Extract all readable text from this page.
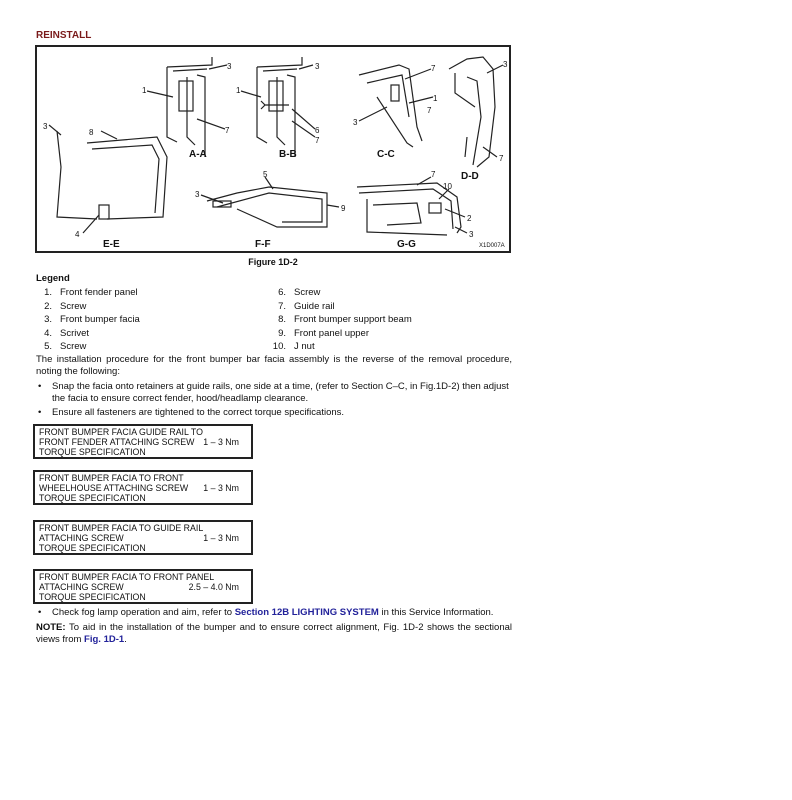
REINSTALL
1
3
7
1
3
6
7
3
7
1
7
3
7
3
8
4
5
3
9
7
10
2
3
A-A	B-B	C-C
D-D
E-E	F-F	G-G	X1D007A
Figure 1D-2
Legend
1. Front fender panel
2. Screw
3. Front bumper facia
4. Scrivet
5. Screw
6. Screw
7. Guide rail
8. Front bumper support beam
9. Front panel upper
10. J nut

The installation procedure for the front bumper bar facia assembly is the reverse of the removal procedure, noting the following:

• Snap the facia onto retainers at guide rails, one side at a time, (refer to Section C–C, in Fig.1D-2) then adjust the facia to ensure correct fender, hood/headlamp clearance.
• Ensure all fasteners are tightened to the correct torque specifications.
FRONT BUMPER FACIA GUIDE RAIL TO
FRONT FENDER ATTACHING SCREW
TORQUE SPECIFICATION
1 – 3 Nm
FRONT BUMPER FACIA TO FRONT
WHEELHOUSE ATTACHING SCREW
TORQUE SPECIFICATION
1 – 3 Nm
FRONT BUMPER FACIA TO GUIDE RAIL
ATTACHING SCREW
TORQUE SPECIFICATION
1 – 3 Nm
FRONT BUMPER FACIA TO FRONT PANEL
ATTACHING SCREW
TORQUE SPECIFICATION
2.5 – 4.0 Nm
• Check fog lamp operation and aim, refer to Section 12B LIGHTING SYSTEM in this Service Information.

NOTE: To aid in the installation of the bumper and to ensure correct alignment, Fig. 1D-2 shows the sectional views from Fig. 1D-1.
